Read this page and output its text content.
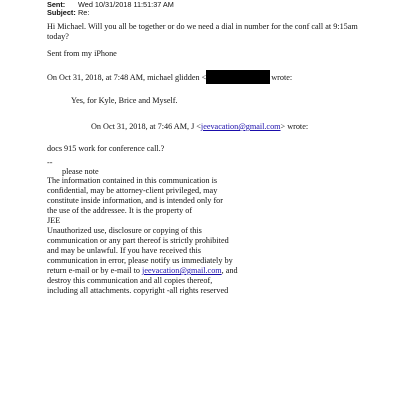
Sent: Wed 10/31/2018 11:51:37 AM
Subject: Re:
Hi Michael. Will you all be together or do we need a dial in number for the conf call at 9:15am
today?
Sent from my iPhone
On Oct 31, 2018, at 7:48 AM, michael glidden <	wrote:
Yes, for Kyle, Brice and Myself.
On Oct 31, 2018, at 7:46 AM, J <jeevacation@gmail.com> wrote:
docs 915 work for conference call.?
--
please note
The information contained in this communication is
confidential, may be attorney-client privileged, may
constitute inside information, and is intended only for
the use of the addressee. It is the property of
JEE
Unauthorized use, disclosure or copying of this
communication or any part thereof is strictly prohibited
and may be unlawful. If you have received this
communication in error, please notify us immediately by
return e-mail or by e-mail to jeevacation@gmail.com, and
destroy this communication and all copies thereof,
including all attachments. copyright -all rights reserved
